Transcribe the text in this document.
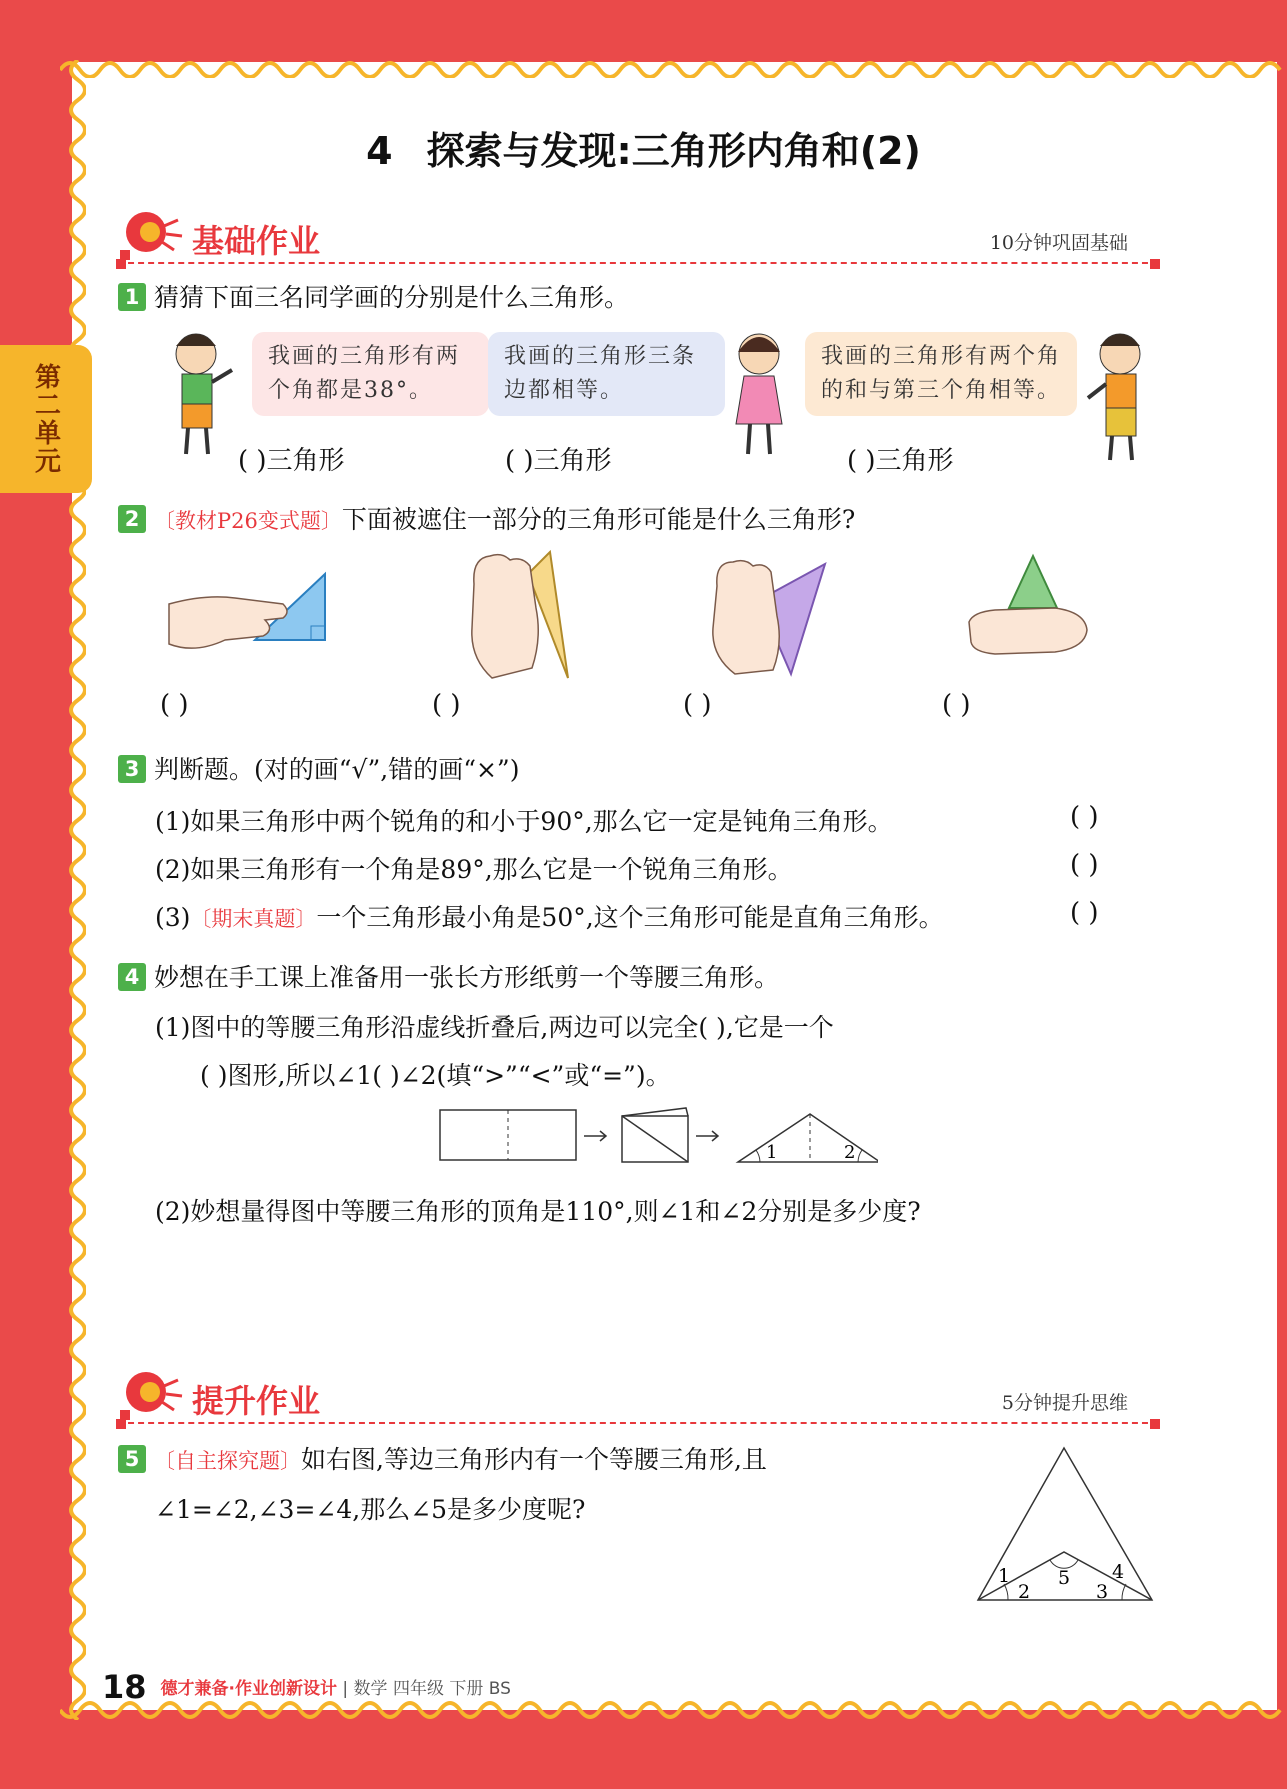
第二单元
4 探索与发现:三角形内角和(2)
基础作业	10分钟巩固基础
1 猜猜下面三名同学画的分别是什么三角形。
我画的三角形有两个角都是38°。
我画的三角形三条边都相等。
我画的三角形有两个角的和与第三个角相等。
( )三角形	( )三角形	( )三角形
2 〔教材P26变式题〕下面被遮住一部分的三角形可能是什么三角形?
( )	( )	( )	( )
3 判断题。(对的画“√”,错的画“×”)
(1)如果三角形中两个锐角的和小于90°,那么它一定是钝角三角形。	( )
(2)如果三角形有一个角是89°,那么它是一个锐角三角形。	( )
(3)〔期末真题〕一个三角形最小角是50°,这个三角形可能是直角三角形。	( )
4 妙想在手工课上准备用一张长方形纸剪一个等腰三角形。
(1)图中的等腰三角形沿虚线折叠后,两边可以完全( ),它是一个
( )图形,所以∠1( )∠2(填“>”“<”或“=”)。
1	2
(2)妙想量得图中等腰三角形的顶角是110°,则∠1和∠2分别是多少度?
提升作业	5分钟提升思维
5 〔自主探究题〕如右图,等边三角形内有一个等腰三角形,且
∠1=∠2,∠3=∠4,那么∠5是多少度呢?
1
2	3
4
5
18 德才兼备·作业创新设计 | 数学 四年级 下册 BS
